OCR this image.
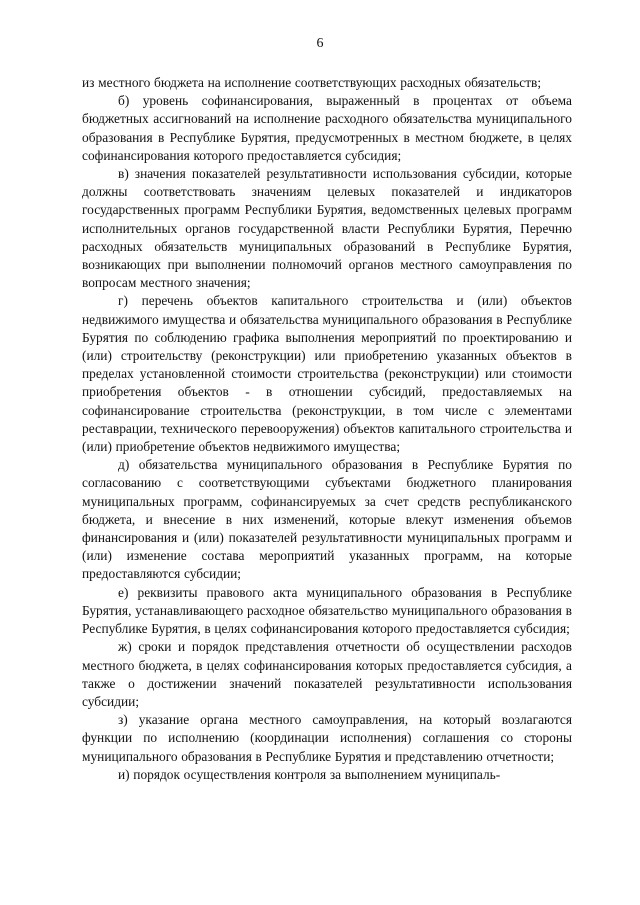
6

из местного бюджета на исполнение соответствующих расходных обязательств;

б) уровень софинансирования, выраженный в процентах от объема бюджетных ассигнований на исполнение расходного обязательства муниципального образования в Республике Бурятия, предусмотренных в местном бюджете, в целях софинансирования которого предоставляется субсидия;

в) значения показателей результативности использования субсидии, которые должны соответствовать значениям целевых показателей и индикаторов государственных программ Республики Бурятия, ведомственных целевых программ исполнительных органов государственной власти Республики Бурятия, Перечню расходных обязательств муниципальных образований в Республике Бурятия, возникающих при выполнении полномочий органов местного самоуправления по вопросам местного значения;

г) перечень объектов капитального строительства и (или) объектов недвижимого имущества и обязательства муниципального образования в Республике Бурятия по соблюдению графика выполнения мероприятий по проектированию и (или) строительству (реконструкции) или приобретению указанных объектов в пределах установленной стоимости строительства (реконструкции) или стоимости приобретения объектов - в отношении субсидий, предоставляемых на софинансирование строительства (реконструкции, в том числе с элементами реставрации, технического перевооружения) объектов капитального строительства и (или) приобретение объектов недвижимого имущества;

д) обязательства муниципального образования в Республике Бурятия по согласованию с соответствующими субъектами бюджетного планирования муниципальных программ, софинансируемых за счет средств республиканского бюджета, и внесение в них изменений, которые влекут изменения объемов финансирования и (или) показателей результативности муниципальных программ и (или) изменение состава мероприятий указанных программ, на которые предоставляются субсидии;

е) реквизиты правового акта муниципального образования в Республике Бурятия, устанавливающего расходное обязательство муниципального образования в Республике Бурятия, в целях софинансирования которого предоставляется субсидия;

ж) сроки и порядок представления отчетности об осуществлении расходов местного бюджета, в целях софинансирования которых предоставляется субсидия, а также о достижении значений показателей результативности использования субсидии;

з) указание органа местного самоуправления, на который возлагаются функции по исполнению (координации исполнения) соглашения со стороны муниципального образования в Республике Бурятия и представлению отчетности;

и) порядок осуществления контроля за выполнением муниципаль-
